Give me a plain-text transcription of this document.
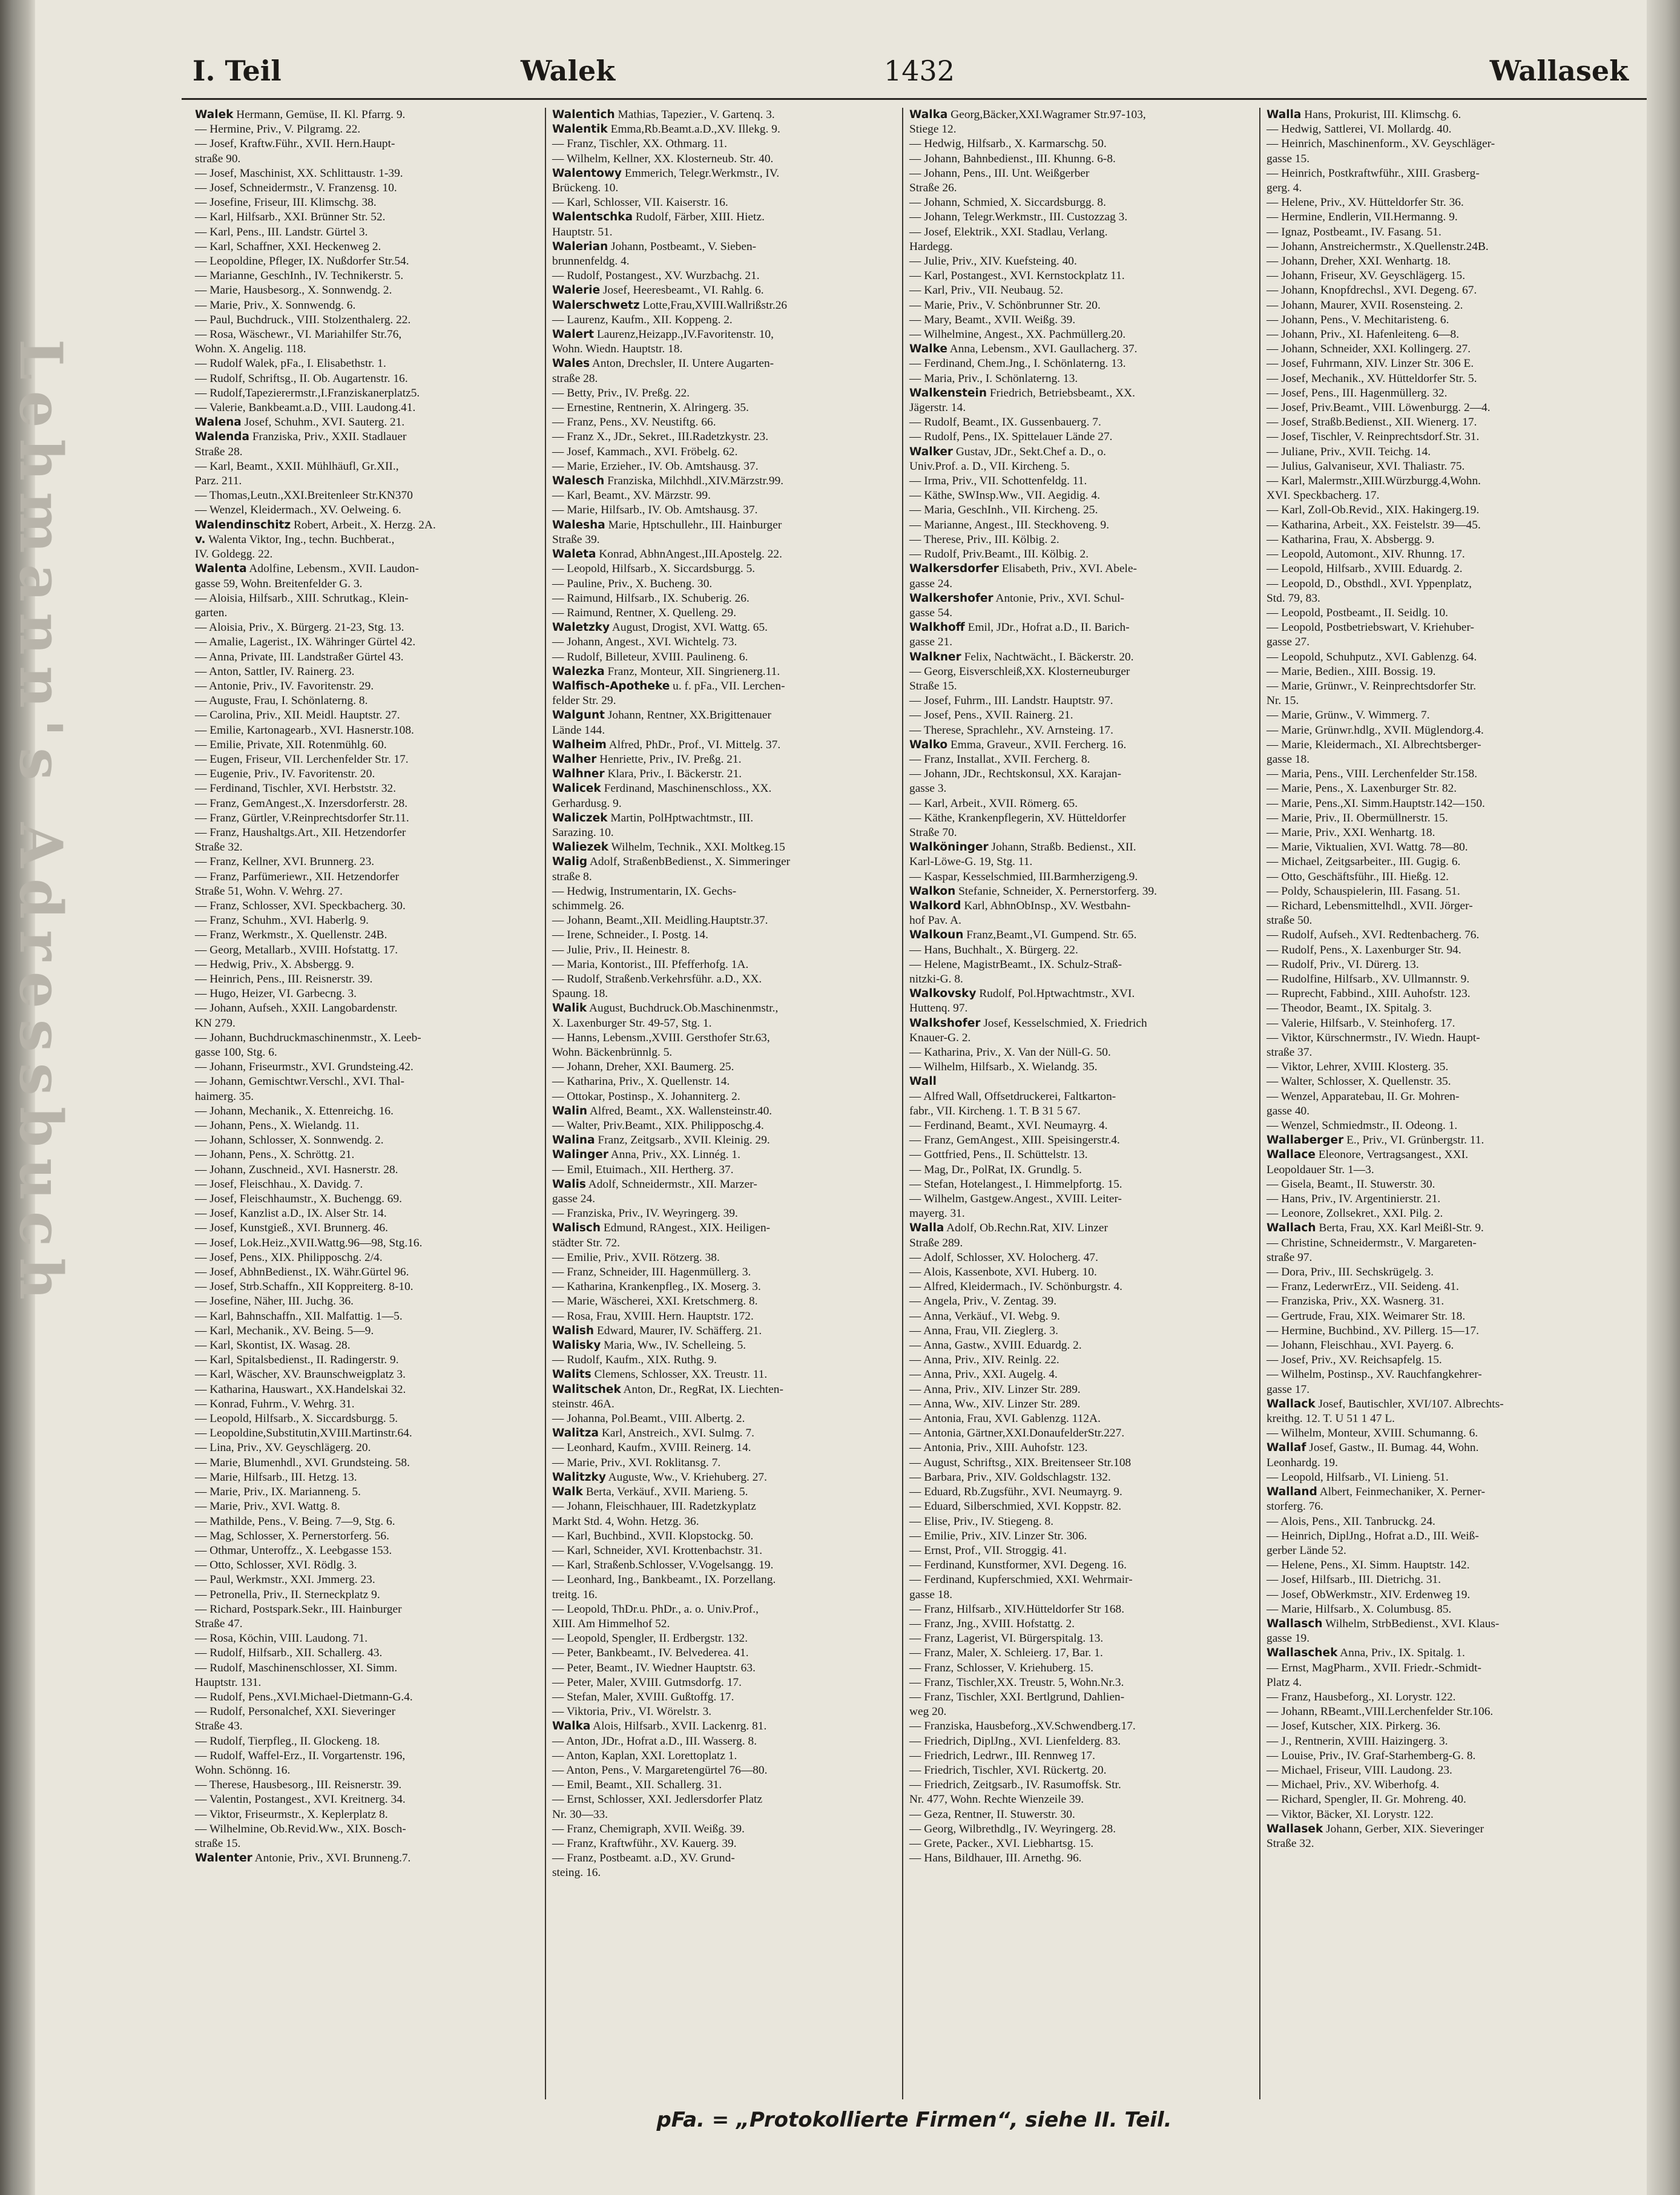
Lehmann's Adressbuch
I. Teil	Walek	1432	Wallasek
Walek Hermann, Gemüse, II. Kl. Pfarrg. 9.
— Hermine, Priv., V. Pilgramg. 22.
— Josef, Kraftw.Führ., XVII. Hern.Haupt-
straße 90.
— Josef, Maschinist, XX. Schlittaustr. 1-39.
— Josef, Schneidermstr., V. Franzensg. 10.
— Josefine, Friseur, III. Klimschg. 38.
— Karl, Hilfsarb., XXI. Brünner Str. 52.
— Karl, Pens., III. Landstr. Gürtel 3.
— Karl, Schaffner, XXI. Heckenweg 2.
— Leopoldine, Pfleger, IX. Nußdorfer Str.54.
— Marianne, GeschInh., IV. Technikerstr. 5.
— Marie, Hausbesorg., X. Sonnwendg. 2.
— Marie, Priv., X. Sonnwendg. 6.
— Paul, Buchdruck., VIII. Stolzenthalerg. 22.
— Rosa, Wäschewr., VI. Mariahilfer Str.76,
Wohn. X. Angelig. 118.
— Rudolf Walek, pFa., I. Elisabethstr. 1.
— Rudolf, Schriftsg., II. Ob. Augartenstr. 16.
— Rudolf,Tapezierermstr.,I.Franziskanerplatz5.
— Valerie, Bankbeamt.a.D., VIII. Laudong.41.
Walena Josef, Schuhm., XVI. Sauterg. 21.
Walenda Franziska, Priv., XXII. Stadlauer
Straße 28.
— Karl, Beamt., XXII. Mühlhäufl, Gr.XII.,
Parz. 211.
— Thomas,Leutn.,XXI.Breitenleer Str.KN370
— Wenzel, Kleidermach., XV. Oelweing. 6.
Walendinschitz Robert, Arbeit., X. Herzg. 2A.
v. Walenta Viktor, Ing., techn. Buchberat.,
IV. Goldegg. 22.
Walenta Adolfine, Lebensm., XVII. Laudon-
gasse 59, Wohn. Breitenfelder G. 3.
— Aloisia, Hilfsarb., XIII. Schrutkag., Klein-
garten.
— Aloisia, Priv., X. Bürgerg. 21-23, Stg. 13.
— Amalie, Lagerist., IX. Währinger Gürtel 42.
— Anna, Private, III. Landstraßer Gürtel 43.
— Anton, Sattler, IV. Rainerg. 23.
— Antonie, Priv., IV. Favoritenstr. 29.
— Auguste, Frau, I. Schönlaterng. 8.
— Carolina, Priv., XII. Meidl. Hauptstr. 27.
— Emilie, Kartonagearb., XVI. Hasnerstr.108.
— Emilie, Private, XII. Rotenmühlg. 60.
— Eugen, Friseur, VII. Lerchenfelder Str. 17.
— Eugenie, Priv., IV. Favoritenstr. 20.
— Ferdinand, Tischler, XVI. Herbststr. 32.
— Franz, GemAngest.,X. Inzersdorferstr. 28.
— Franz, Gürtler, V.Reinprechtsdorfer Str.11.
— Franz, Haushaltgs.Art., XII. Hetzendorfer
Straße 32.
— Franz, Kellner, XVI. Brunnerg. 23.
— Franz, Parfümeriewr., XII. Hetzendorfer
Straße 51, Wohn. V. Wehrg. 27.
— Franz, Schlosser, XVI. Speckbacherg. 30.
— Franz, Schuhm., XVI. Haberlg. 9.
— Franz, Werkmstr., X. Quellenstr. 24B.
— Georg, Metallarb., XVIII. Hofstattg. 17.
— Hedwig, Priv., X. Absbergg. 9.
— Heinrich, Pens., III. Reisnerstr. 39.
— Hugo, Heizer, VI. Garbecng. 3.
— Johann, Aufseh., XXII. Langobardenstr.
KN 279.
— Johann, Buchdruckmaschinenmstr., X. Leeb-
gasse 100, Stg. 6.
— Johann, Friseurmstr., XVI. Grundsteing.42.
— Johann, Gemischtwr.Verschl., XVI. Thal-
haimerg. 35.
— Johann, Mechanik., X. Ettenreichg. 16.
— Johann, Pens., X. Wielandg. 11.
— Johann, Schlosser, X. Sonnwendg. 2.
— Johann, Pens., X. Schröttg. 21.
— Johann, Zuschneid., XVI. Hasnerstr. 28.
— Josef, Fleischhau., X. Davidg. 7.
— Josef, Fleischhaumstr., X. Buchengg. 69.
— Josef, Kanzlist a.D., IX. Alser Str. 14.
— Josef, Kunstgieß., XVI. Brunnerg. 46.
— Josef, Lok.Heiz.,XVII.Wattg.96—98, Stg.16.
— Josef, Pens., XIX. Philipposchg. 2/4.
— Josef, AbhnBedienst., IX. Währ.Gürtel 96.
— Josef, Strb.Schaffn., XII Koppreiterg. 8-10.
— Josefine, Näher, III. Juchg. 36.
— Karl, Bahnschaffn., XII. Malfattig. 1—5.
— Karl, Mechanik., XV. Being. 5—9.
— Karl, Skontist, IX. Wasag. 28.
— Karl, Spitalsbedienst., II. Radingerstr. 9.
— Karl, Wäscher, XV. Braunschweigplatz 3.
— Katharina, Hauswart., XX.Handelskai 32.
— Konrad, Fuhrm., V. Wehrg. 31.
— Leopold, Hilfsarb., X. Siccardsburgg. 5.
— Leopoldine,Substitutin,XVIII.Martinstr.64.
— Lina, Priv., XV. Geyschlägerg. 20.
— Marie, Blumenhdl., XVI. Grundsteing. 58.
— Marie, Hilfsarb., III. Hetzg. 13.
— Marie, Priv., IX. Marianneng. 5.
— Marie, Priv., XVI. Wattg. 8.
— Mathilde, Pens., V. Being. 7—9, Stg. 6.
— Mag, Schlosser, X. Pernerstorferg. 56.
— Othmar, Unteroffz., X. Leebgasse 153.
— Otto, Schlosser, XVI. Rödlg. 3.
— Paul, Werkmstr., XXI. Jmmerg. 23.
— Petronella, Priv., II. Sterneckplatz 9.
— Richard, Postspark.Sekr., III. Hainburger
Straße 47.
— Rosa, Köchin, VIII. Laudong. 71.
— Rudolf, Hilfsarb., XII. Schallerg. 43.
— Rudolf, Maschinenschlosser, XI. Simm.
Hauptstr. 131.
— Rudolf, Pens.,XVI.Michael-Dietmann-G.4.
— Rudolf, Personalchef, XXI. Sieveringer
Straße 43.
— Rudolf, Tierpfleg., II. Glockeng. 18.
— Rudolf, Waffel-Erz., II. Vorgartenstr. 196,
Wohn. Schönng. 16.
— Therese, Hausbesorg., III. Reisnerstr. 39.
— Valentin, Postangest., XVI. Kreitnerg. 34.
— Viktor, Friseurmstr., X. Keplerplatz 8.
— Wilhelmine, Ob.Revid.Ww., XIX. Bosch-
straße 15.
Walenter Antonie, Priv., XVI. Brunneng.7.
Walentich Mathias, Tapezier., V. Gartenq. 3.
Walentik Emma,Rb.Beamt.a.D.,XV. Illekg. 9.
— Franz, Tischler, XX. Othmarg. 11.
— Wilhelm, Kellner, XX. Klosterneub. Str. 40.
Walentowy Emmerich, Telegr.Werkmstr., IV.
Brückeng. 10.
— Karl, Schlosser, VII. Kaiserstr. 16.
Walentschka Rudolf, Färber, XIII. Hietz.
Hauptstr. 51.
Walerian Johann, Postbeamt., V. Sieben-
brunnenfeldg. 4.
— Rudolf, Postangest., XV. Wurzbachg. 21.
Walerie Josef, Heeresbeamt., VI. Rahlg. 6.
Walerschwetz Lotte,Frau,XVIII.Wallrißstr.26
— Laurenz, Kaufm., XII. Koppeng. 2.
Walert Laurenz,Heizapp.,IV.Favoritenstr. 10,
Wohn. Wiedn. Hauptstr. 18.
Wales Anton, Drechsler, II. Untere Augarten-
straße 28.
— Betty, Priv., IV. Preßg. 22.
— Ernestine, Rentnerin, X. Alringerg. 35.
— Franz, Pens., XV. Neustiftg. 66.
— Franz X., JDr., Sekret., III.Radetzkystr. 23.
— Josef, Kammach., XVI. Fröbelg. 62.
— Marie, Erzieher., IV. Ob. Amtshausg. 37.
Walesch Franziska, Milchhdl.,XIV.Märzstr.99.
— Karl, Beamt., XV. Märzstr. 99.
— Marie, Hilfsarb., IV. Ob. Amtshausg. 37.
Walesha Marie, Hptschullehr., III. Hainburger
Straße 39.
Waleta Konrad, AbhnAngest.,III.Apostelg. 22.
— Leopold, Hilfsarb., X. Siccardsburgg. 5.
— Pauline, Priv., X. Bucheng. 30.
— Raimund, Hilfsarb., IX. Schuberig. 26.
— Raimund, Rentner, X. Quelleng. 29.
Waletzky August, Drogist, XVI. Wattg. 65.
— Johann, Angest., XVI. Wichtelg. 73.
— Rudolf, Billeteur, XVIII. Paulineng. 6.
Walezka Franz, Monteur, XII. Singrienerg.11.
Walfisch-Apotheke u. f. pFa., VII. Lerchen-
felder Str. 29.
Walgunt Johann, Rentner, XX.Brigittenauer
Lände 144.
Walheim Alfred, PhDr., Prof., VI. Mittelg. 37.
Walher Henriette, Priv., IV. Preßg. 21.
Walhner Klara, Priv., I. Bäckerstr. 21.
Walicek Ferdinand, Maschinenschloss., XX.
Gerhardusg. 9.
Waliczek Martin, PolHptwachtmstr., III.
Sarazing. 10.
Waliezek Wilhelm, Technik., XXI. Moltkeg.15
Walig Adolf, StraßenbBedienst., X. Simmeringer
straße 8.
— Hedwig, Instrumentarin, IX. Gechs-
schimmelg. 26.
— Johann, Beamt.,XII. Meidling.Hauptstr.37.
— Irene, Schneider., I. Postg. 14.
— Julie, Priv., II. Heinestr. 8.
— Maria, Kontorist., III. Pfefferhofg. 1A.
— Rudolf, Straßenb.Verkehrsführ. a.D., XX.
Spaung. 18.
Walik August, Buchdruck.Ob.Maschinenmstr.,
X. Laxenburger Str. 49-57, Stg. 1.
— Hanns, Lebensm.,XVIII. Gersthofer Str.63,
Wohn. Bäckenbrünnlg. 5.
— Johann, Dreher, XXI. Baumerg. 25.
— Katharina, Priv., X. Quellenstr. 14.
— Ottokar, Postinsp., X. Johanniterg. 2.
Walin Alfred, Beamt., XX. Wallensteinstr.40.
— Walter, Priv.Beamt., XIX. Philipposchg.4.
Walina Franz, Zeitgsarb., XVII. Kleinig. 29.
Walinger Anna, Priv., XX. Linnég. 1.
— Emil, Etuimach., XII. Hertherg. 37.
Walis Adolf, Schneidermstr., XII. Marzer-
gasse 24.
— Franziska, Priv., IV. Weyringerg. 39.
Walisch Edmund, RAngest., XIX. Heiligen-
städter Str. 72.
— Emilie, Priv., XVII. Rötzerg. 38.
— Franz, Schneider, III. Hagenmüllerg. 3.
— Katharina, Krankenpfleg., IX. Moserg. 3.
— Marie, Wäscherei, XXI. Kretschmerg. 8.
— Rosa, Frau, XVIII. Hern. Hauptstr. 172.
Walish Edward, Maurer, IV. Schäfferg. 21.
Walisky Maria, Ww., IV. Schelleing. 5.
— Rudolf, Kaufm., XIX. Ruthg. 9.
Walits Clemens, Schlosser, XX. Treustr. 11.
Walitschek Anton, Dr., RegRat, IX. Liechten-
steinstr. 46A.
— Johanna, Pol.Beamt., VIII. Albertg. 2.
Walitza Karl, Anstreich., XVI. Sulmg. 7.
— Leonhard, Kaufm., XVIII. Reinerg. 14.
— Marie, Priv., XVI. Roklitansg. 7.
Walitzky Auguste, Ww., V. Kriehuberg. 27.
Walk Berta, Verkäuf., XVII. Marieng. 5.
— Johann, Fleischhauer, III. Radetzkyplatz
Markt Std. 4, Wohn. Hetzg. 36.
— Karl, Buchbind., XVII. Klopstockg. 50.
— Karl, Schneider, XVI. Krottenbachstr. 31.
— Karl, Straßenb.Schlosser, V.Vogelsangg. 19.
— Leonhard, Ing., Bankbeamt., IX. Porzellang.
treitg. 16.
— Leopold, ThDr.u. PhDr., a. o. Univ.Prof.,
XIII. Am Himmelhof 52.
— Leopold, Spengler, II. Erdbergstr. 132.
— Peter, Bankbeamt., IV. Belvederea. 41.
— Peter, Beamt., IV. Wiedner Hauptstr. 63.
— Peter, Maler, XVIII. Gutmsdorfg. 17.
— Stefan, Maler, XVIII. Gußtoffg. 17.
— Viktoria, Priv., VI. Wörelstr. 3.
Walka Alois, Hilfsarb., XVII. Lackenrg. 81.
— Anton, JDr., Hofrat a.D., III. Wasserg. 8.
— Anton, Kaplan, XXI. Lorettoplatz 1.
— Anton, Pens., V. Margaretengürtel 76—80.
— Emil, Beamt., XII. Schallerg. 31.
— Ernst, Schlosser, XXI. Jedlersdorfer Platz
Nr. 30—33.
— Franz, Chemigraph, XVII. Weißg. 39.
— Franz, Kraftwführ., XV. Kauerg. 39.
— Franz, Postbeamt. a.D., XV. Grund-
steing. 16.
Walka Georg,Bäcker,XXI.Wagramer Str.97-103,
Stiege 12.
— Hedwig, Hilfsarb., X. Karmarschg. 50.
— Johann, Bahnbedienst., III. Khunng. 6-8.
— Johann, Pens., III. Unt. Weißgerber
Straße 26.
— Johann, Schmied, X. Siccardsburgg. 8.
— Johann, Telegr.Werkmstr., III. Custozzag 3.
— Josef, Elektrik., XXI. Stadlau, Verlang.
Hardegg.
— Julie, Priv., XIV. Kuefsteing. 40.
— Karl, Postangest., XVI. Kernstockplatz 11.
— Karl, Priv., VII. Neubaug. 52.
— Marie, Priv., V. Schönbrunner Str. 20.
— Mary, Beamt., XVII. Weißg. 39.
— Wilhelmine, Angest., XX. Pachmüllerg.20.
Walke Anna, Lebensm., XVI. Gaullacherg. 37.
— Ferdinand, Chem.Jng., I. Schönlaterng. 13.
— Maria, Priv., I. Schönlaterng. 13.
Walkenstein Friedrich, Betriebsbeamt., XX.
Jägerstr. 14.
— Rudolf, Beamt., IX. Gussenbauerg. 7.
— Rudolf, Pens., IX. Spittelauer Lände 27.
Walker Gustav, JDr., Sekt.Chef a. D., o.
Univ.Prof. a. D., VII. Kircheng. 5.
— Irma, Priv., VII. Schottenfeldg. 11.
— Käthe, SWInsp.Ww., VII. Aegidig. 4.
— Maria, GeschInh., VII. Kircheng. 25.
— Marianne, Angest., III. Steckhoveng. 9.
— Therese, Priv., III. Kölbig. 2.
— Rudolf, Priv.Beamt., III. Kölbig. 2.
Walkersdorfer Elisabeth, Priv., XVI. Abele-
gasse 24.
Walkershofer Antonie, Priv., XVI. Schul-
gasse 54.
Walkhoff Emil, JDr., Hofrat a.D., II. Barich-
gasse 21.
Walkner Felix, Nachtwächt., I. Bäckerstr. 20.
— Georg, Eisverschleiß,XX. Klosterneuburger
Straße 15.
— Josef, Fuhrm., III. Landstr. Hauptstr. 97.
— Josef, Pens., XVII. Rainerg. 21.
— Therese, Sprachlehr., XV. Arnsteing. 17.
Walko Emma, Graveur., XVII. Fercherg. 16.
— Franz, Installat., XVII. Fercherg. 8.
— Johann, JDr., Rechtskonsul, XX. Karajan-
gasse 3.
— Karl, Arbeit., XVII. Römerg. 65.
— Käthe, Krankenpflegerin, XV. Hütteldorfer
Straße 70.
Walköninger Johann, Straßb. Bedienst., XII.
Karl-Löwe-G. 19, Stg. 11.
— Kaspar, Kesselschmied, III.Barmherzigeng.9.
Walkon Stefanie, Schneider, X. Pernerstorferg. 39.
Walkord Karl, AbhnObInsp., XV. Westbahn-
hof Pav. A.
Walkoun Franz,Beamt.,VI. Gumpend. Str. 65.
— Hans, Buchhalt., X. Bürgerg. 22.
— Helene, MagistrBeamt., IX. Schulz-Straß-
nitzki-G. 8.
Walkovsky Rudolf, Pol.Hptwachtmstr., XVI.
Huttenq. 97.
Walkshofer Josef, Kesselschmied, X. Friedrich
Knauer-G. 2.
— Katharina, Priv., X. Van der Nüll-G. 50.
— Wilhelm, Hilfsarb., X. Wielandg. 35.
Wall
— Alfred Wall, Offsetdruckerei, Faltkarton-
fabr., VII. Kircheng. 1. T. B 31 5 67.
— Ferdinand, Beamt., XVI. Neumayrg. 4.
— Franz, GemAngest., XIII. Speisingerstr.4.
— Gottfried, Pens., II. Schüttelstr. 13.
— Mag, Dr., PolRat, IX. Grundlg. 5.
— Stefan, Hotelangest., I. Himmelpfortg. 15.
— Wilhelm, Gastgew.Angest., XVIII. Leiter-
mayerg. 31.
Walla Adolf, Ob.Rechn.Rat, XIV. Linzer
Straße 289.
— Adolf, Schlosser, XV. Holocherg. 47.
— Alois, Kassenbote, XVI. Huberg. 10.
— Alfred, Kleidermach., IV. Schönburgstr. 4.
— Angela, Priv., V. Zentag. 39.
— Anna, Verkäuf., VI. Webg. 9.
— Anna, Frau, VII. Zieglerg. 3.
— Anna, Gastw., XVIII. Eduardg. 2.
— Anna, Priv., XIV. Reinlg. 22.
— Anna, Priv., XXI. Augelg. 4.
— Anna, Priv., XIV. Linzer Str. 289.
— Anna, Ww., XIV. Linzer Str. 289.
— Antonia, Frau, XVI. Gablenzg. 112A.
— Antonia, Gärtner,XXI.DonaufelderStr.227.
— Antonia, Priv., XIII. Auhofstr. 123.
— August, Schriftsg., XIX. Breitenseer Str.108
— Barbara, Priv., XIV. Goldschlagstr. 132.
— Eduard, Rb.Zugsführ., XVI. Neumayrg. 9.
— Eduard, Silberschmied, XVI. Koppstr. 82.
— Elise, Priv., IV. Stiegeng. 8.
— Emilie, Priv., XIV. Linzer Str. 306.
— Ernst, Prof., VII. Stroggig. 41.
— Ferdinand, Kunstformer, XVI. Degeng. 16.
— Ferdinand, Kupferschmied, XXI. Wehrmair-
gasse 18.
— Franz, Hilfsarb., XIV.Hütteldorfer Str 168.
— Franz, Jng., XVIII. Hofstattg. 2.
— Franz, Lagerist, VI. Bürgerspitalg. 13.
— Franz, Maler, X. Schleierg. 17, Bar. 1.
— Franz, Schlosser, V. Kriehuberg. 15.
— Franz, Tischler,XX. Treustr. 5, Wohn.Nr.3.
— Franz, Tischler, XXI. Bertlgrund, Dahlien-
weg 20.
— Franziska, Hausbeforg.,XV.Schwendberg.17.
— Friedrich, DiplJng., XVI. Lienfelderg. 83.
— Friedrich, Ledrwr., III. Rennweg 17.
— Friedrich, Tischler, XVI. Rückertg. 20.
— Friedrich, Zeitgsarb., IV. Rasumoffsk. Str.
Nr. 477, Wohn. Rechte Wienzeile 39.
— Geza, Rentner, II. Stuwerstr. 30.
— Georg, Wilbrethdlg., IV. Weyringerg. 28.
— Grete, Packer., XVI. Liebhartsg. 15.
— Hans, Bildhauer, III. Arnethg. 96.
Walla Hans, Prokurist, III. Klimschg. 6.
— Hedwig, Sattlerei, VI. Mollardg. 40.
— Heinrich, Maschinenform., XV. Geyschläger-
gasse 15.
— Heinrich, Postkraftwführ., XIII. Grasberg-
gerg. 4.
— Helene, Priv., XV. Hütteldorfer Str. 36.
— Hermine, Endlerin, VII.Hermanng. 9.
— Ignaz, Postbeamt., IV. Fasang. 51.
— Johann, Anstreichermstr., X.Quellenstr.24B.
— Johann, Dreher, XXI. Wenhartg. 18.
— Johann, Friseur, XV. Geyschlägerg. 15.
— Johann, Knopfdrechsl., XVI. Degeng. 67.
— Johann, Maurer, XVII. Rosensteing. 2.
— Johann, Pens., V. Mechitaristeng. 6.
— Johann, Priv., XI. Hafenleiteng. 6—8.
— Johann, Schneider, XXI. Kollingerg. 27.
— Josef, Fuhrmann, XIV. Linzer Str. 306 E.
— Josef, Mechanik., XV. Hütteldorfer Str. 5.
— Josef, Pens., III. Hagenmüllerg. 32.
— Josef, Priv.Beamt., VIII. Löwenburgg. 2—4.
— Josef, Straßb.Bedienst., XII. Wienerg. 17.
— Josef, Tischler, V. Reinprechtsdorf.Str. 31.
— Juliane, Priv., XVII. Teichg. 14.
— Julius, Galvaniseur, XVI. Thaliastr. 75.
— Karl, Malermstr.,XIII.Würzburgg.4,Wohn.
XVI. Speckbacherg. 17.
— Karl, Zoll-Ob.Revid., XIX. Hakingerg.19.
— Katharina, Arbeit., XX. Feistelstr. 39—45.
— Katharina, Frau, X. Absbergg. 9.
— Leopold, Automont., XIV. Rhunng. 17.
— Leopold, Hilfsarb., XVIII. Eduardg. 2.
— Leopold, D., Obsthdl., XVI. Yppenplatz,
Std. 79, 83.
— Leopold, Postbeamt., II. Seidlg. 10.
— Leopold, Postbetriebswart, V. Kriehuber-
gasse 27.
— Leopold, Schuhputz., XVI. Gablenzg. 64.
— Marie, Bedien., XIII. Bossig. 19.
— Marie, Grünwr., V. Reinprechtsdorfer Str.
Nr. 15.
— Marie, Grünw., V. Wimmerg. 7.
— Marie, Grünwr.hdlg., XVII. Müglendorg.4.
— Marie, Kleidermach., XI. Albrechtsberger-
gasse 18.
— Maria, Pens., VIII. Lerchenfelder Str.158.
— Marie, Pens., X. Laxenburger Str. 82.
— Marie, Pens.,XI. Simm.Hauptstr.142—150.
— Marie, Priv., II. Obermüllnerstr. 15.
— Marie, Priv., XXI. Wenhartg. 18.
— Marie, Viktualien, XVI. Wattg. 78—80.
— Michael, Zeitgsarbeiter., III. Gugig. 6.
— Otto, Geschäftsführ., III. Hießg. 12.
— Poldy, Schauspielerin, III. Fasang. 51.
— Richard, Lebensmittelhdl., XVII. Jörger-
straße 50.
— Rudolf, Aufseh., XVI. Redtenbacherg. 76.
— Rudolf, Pens., X. Laxenburger Str. 94.
— Rudolf, Priv., VI. Dürerg. 13.
— Rudolfine, Hilfsarb., XV. Ullmannstr. 9.
— Ruprecht, Fabbind., XIII. Auhofstr. 123.
— Theodor, Beamt., IX. Spitalg. 3.
— Valerie, Hilfsarb., V. Steinhoferg. 17.
— Viktor, Kürschnermstr., IV. Wiedn. Haupt-
straße 37.
— Viktor, Lehrer, XVIII. Klosterg. 35.
— Walter, Schlosser, X. Quellenstr. 35.
— Wenzel, Apparatebau, II. Gr. Mohren-
gasse 40.
— Wenzel, Schmiedmstr., II. Odeong. 1.
Wallaberger E., Priv., VI. Grünbergstr. 11.
Wallace Eleonore, Vertragsangest., XXI.
Leopoldauer Str. 1—3.
— Gisela, Beamt., II. Stuwerstr. 30.
— Hans, Priv., IV. Argentinierstr. 21.
— Leonore, Zollsekret., XXI. Pilg. 2.
Wallach Berta, Frau, XX. Karl Meißl-Str. 9.
— Christine, Schneidermstr., V. Margareten-
straße 97.
— Dora, Priv., III. Sechskrügelg. 3.
— Franz, LederwrErz., VII. Seideng. 41.
— Franziska, Priv., XX. Wasnerg. 31.
— Gertrude, Frau, XIX. Weimarer Str. 18.
— Hermine, Buchbind., XV. Pillerg. 15—17.
— Johann, Fleischhau., XVI. Payerg. 6.
— Josef, Priv., XV. Reichsapfelg. 15.
— Wilhelm, Postinsp., XV. Rauchfangkehrer-
gasse 17.
Wallack Josef, Bautischler, XVI/107. Albrechts-
kreithg. 12. T. U 51 1 47 L.
— Wilhelm, Monteur, XVIII. Schumanng. 6.
Wallaf Josef, Gastw., II. Bumag. 44, Wohn.
Leonhardg. 19.
— Leopold, Hilfsarb., VI. Linieng. 51.
Walland Albert, Feinmechaniker, X. Perner-
storferg. 76.
— Alois, Pens., XII. Tanbruckg. 24.
— Heinrich, DiplJng., Hofrat a.D., III. Weiß-
gerber Lände 52.
— Helene, Pens., XI. Simm. Hauptstr. 142.
— Josef, Hilfsarb., III. Dietrichg. 31.
— Josef, ObWerkmstr., XIV. Erdenweg 19.
— Marie, Hilfsarb., X. Columbusg. 85.
Wallasch Wilhelm, StrbBedienst., XVI. Klaus-
gasse 19.
Wallaschek Anna, Priv., IX. Spitalg. 1.
— Ernst, MagPharm., XVII. Friedr.-Schmidt-
Platz 4.
— Franz, Hausbeforg., XI. Lorystr. 122.
— Johann, RBeamt.,VIII.Lerchenfelder Str.106.
— Josef, Kutscher, XIX. Pirkerg. 36.
— J., Rentnerin, XVIII. Haizingerg. 3.
— Louise, Priv., IV. Graf-Starhemberg-G. 8.
— Michael, Friseur, VIII. Laudong. 23.
— Michael, Priv., XV. Wiberhofg. 4.
— Richard, Spengler, II. Gr. Mohreng. 40.
— Viktor, Bäcker, XI. Lorystr. 122.
Wallasek Johann, Gerber, XIX. Sieveringer
Straße 32.
pFa. = „Protokollierte Firmen“, siehe II. Teil.
